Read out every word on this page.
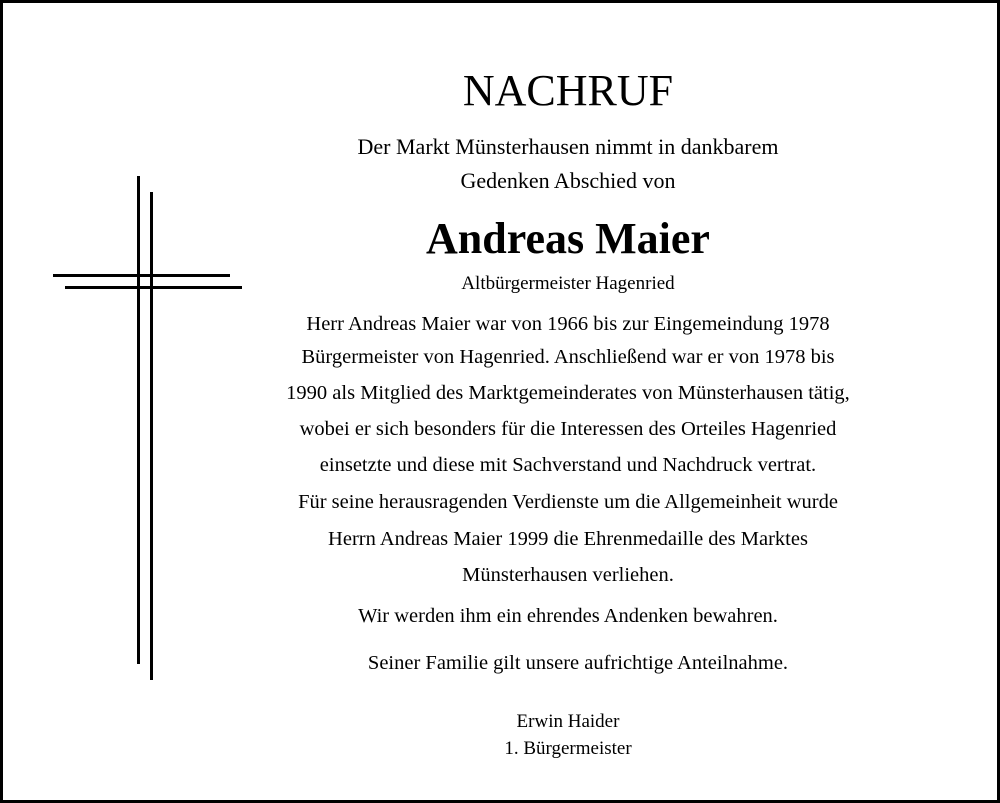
NACHRUF
Der Markt Münsterhausen nimmt in dankbarem
Gedenken Abschied von
Andreas Maier
Altbürgermeister Hagenried
Herr Andreas Maier war von 1966 bis zur Eingemeindung 1978
Bürgermeister von Hagenried. Anschließend war er von 1978 bis
1990 als Mitglied des Marktgemeinderates von Münsterhausen tätig,
wobei er sich besonders für die Interessen des Orteiles Hagenried
einsetzte und diese mit Sachverstand und Nachdruck vertrat.
Für seine herausragenden Verdienste um die Allgemeinheit wurde
Herrn Andreas Maier 1999 die Ehrenmedaille des Marktes
Münsterhausen verliehen.
Wir werden ihm ein ehrendes Andenken bewahren.
Seiner Familie gilt unsere aufrichtige Anteilnahme.
Erwin Haider
1. Bürgermeister
